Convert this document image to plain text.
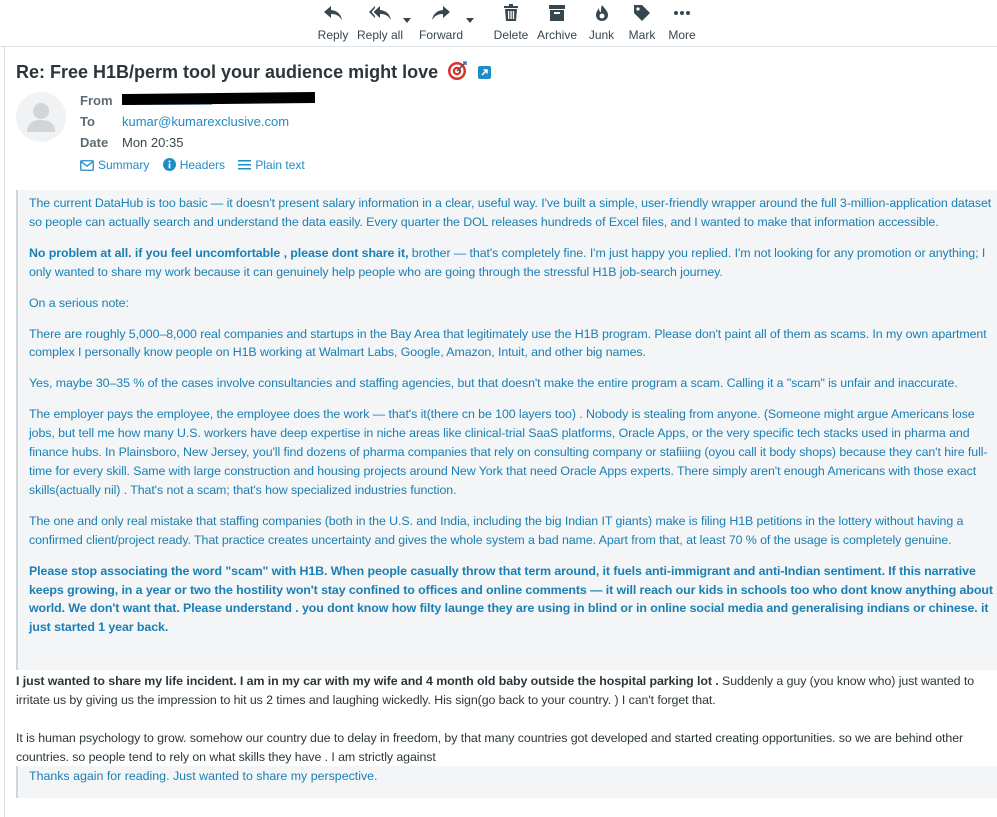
Reply Reply all Forward	Delete Archive Junk	Mark More
Re: Free H1B/perm tool your audience might love
From
To kumar@kumarexclusive.com
Date Mon 20:35
Summary	Headers	Plain text

The current DataHub is too basic — it doesn't present salary information in a clear, useful way. I've built a simple, user-friendly wrapper around the full 3-million-application dataset so people can actually search and understand the data easily. Every quarter the DOL releases hundreds of Excel files, and I wanted to make that information accessible.

No problem at all. if you feel uncomfortable , please dont share it, brother — that's completely fine. I'm just happy you replied. I'm not looking for any promotion or anything; I only wanted to share my work because it can genuinely help people who are going through the stressful H1B job-search journey.

On a serious note:

There are roughly 5,000–8,000 real companies and startups in the Bay Area that legitimately use the H1B program. Please don't paint all of them as scams. In my own apartment complex I personally know people on H1B working at Walmart Labs, Google, Amazon, Intuit, and other big names.

Yes, maybe 30–35 % of the cases involve consultancies and staffing agencies, but that doesn't make the entire program a scam. Calling it a "scam" is unfair and inaccurate.

The employer pays the employee, the employee does the work — that's it(there cn be 100 layers too) . Nobody is stealing from anyone. (Someone might argue Americans lose jobs, but tell me how many U.S. workers have deep expertise in niche areas like clinical-trial SaaS platforms, Oracle Apps, or the very specific tech stacks used in pharma and finance hubs. In Plainsboro, New Jersey, you'll find dozens of pharma companies that rely on consulting company or stafiiing (oyou call it body shops) because they can't hire full-time for every skill. Same with large construction and housing projects around New York that need Oracle Apps experts. There simply aren't enough Americans with those exact skills(actually nil) . That's not a scam; that's how specialized industries function.

The one and only real mistake that staffing companies (both in the U.S. and India, including the big Indian IT giants) make is filing H1B petitions in the lottery without having a confirmed client/project ready. That practice creates uncertainty and gives the whole system a bad name. Apart from that, at least 70 % of the usage is completely genuine.

Please stop associating the word "scam" with H1B. When people casually throw that term around, it fuels anti-immigrant and anti-Indian sentiment. If this narrative keeps growing, in a year or two the hostility won't stay confined to offices and online comments — it will reach our kids in schools too who dont know anything about world. We don't want that. Please understand . you dont know how filty launge they are using in blind or in online social media and generalising indians or chinese. it just started 1 year back.

I just wanted to share my life incident. I am in my car with my wife and 4 month old baby outside the hospital parking lot . Suddenly a guy (you know who) just wanted to irritate us by giving us the impression to hit us 2 times and laughing wickedly. His sign(go back to your country. ) I can't forget that.

It is human psychology to grow. somehow our country due to delay in freedom, by that many countries got developed and started creating opportunities. so we are behind other countries. so people tend to rely on what skills they have . I am strictly against

Thanks again for reading. Just wanted to share my perspective.
